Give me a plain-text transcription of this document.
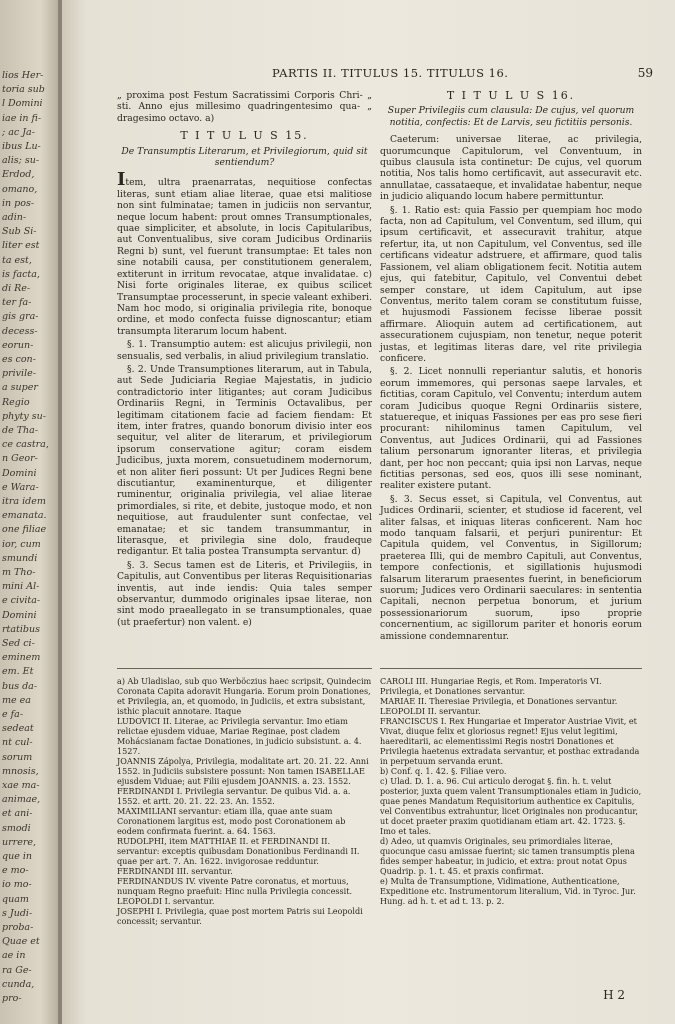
lios Her-
toria sub
l Domini
iae in fi-
; ac Ja-
ibus Lu-
alis; su-
Erdod,
omano,
in pos-
adin-
Sub Si-
liter est
ta est,
is facta,
di Re-
ter fa-
gis gra-
decess-
eorun-
es con-
privile-
a super
Regio
phyty su-
de Tha-
ce castra,
n Geor-
Domini
e Wara-
itra idem
emanata.
one filiae
ior, cum
smundi
m Tho-
mini Al-
e civita-
Domini
rtatibus
Sed ci-
eminem
em. Et
bus da-
me ea
e fa-
sedeat
nt cul-
sorum
mnosis,
xae ma-
animae,
et ani-
smodi
urrere,
que in
e mo-
io mo-
quam
s Judi-
proba-
Quae et
ae in
ra Ge-
cunda,
pro-
PARTIS II. TITULUS 15. TITULUS 16.	59

„ proxima post Festum Sacratissimi Corporis Chri- „ sti. Anno ejus millesimo quadringentesimo qua- „ dragesimo octavo. a)

T I T U L U S 15.
De Transumptis Literarum, et Privilegiorum, quid sit sentiendum?

Item, ultra praenarratas, nequitiose confectas literas, sunt etiam aliae literae, quae etsi malitiose non sint fulminatae; tamen in judiciis non servantur, neque locum habent: prout omnes Transumptionales, quae simpliciter, et absolute, in locis Capitularibus, aut Conventualibus, sive coram Judicibus Ordinariis Regni b) sunt, vel fuerunt transumptae: Et tales non sine notabili causa, per constitutionem generalem, extiterunt in irritum revocatae, atque invalidatae. c) Nisi forte originales literae, ex quibus scilicet Transumptae processerunt, in specie valeant exhiberi. Nam hoc modo, si originalia privilegia rite, bonoque ordine, et modo confecta fuisse dignoscantur; etiam transumpta literarum locum habent.

§. 1. Transumptio autem: est alicujus privilegii, non sensualis, sed verbalis, in aliud privilegium translatio.

§. 2. Unde Transumptiones literarum, aut in Tabula, aut Sede Judiciaria Regiae Majestatis, in judicio contradictorio inter litigantes; aut coram Judicibus Ordinariis Regni, in Terminis Octavalibus, per legitimam citationem facie ad faciem fiendam: Et item, inter fratres, quando bonorum divisio inter eos sequitur, vel aliter de literarum, et privilegiorum ipsorum conservatione agitur; coram eisdem Judicibus, juxta morem, consuetudinem modernorum, et non aliter fieri possunt: Ut per Judices Regni bene discutiantur, examinenturque, et diligenter ruminentur, originalia privilegia, vel aliae literae primordiales, si rite, et debite, justoque modo, et non nequitiose, aut fraudulenter sunt confectae, vel emanatae; et sic tandem transummantur, in literasque, et privilegia sine dolo, fraudeque redigantur. Et talia postea Transumpta servantur. d)

§. 3. Secus tamen est de Literis, et Privilegiis, in Capitulis, aut Conventibus per literas Requisitionarias inventis, aut inde iendis: Quia tales semper observantur, dummodo originales ipsae literae, non sint modo praeallegato in se transumptionales, quae (ut praefertur) non valent. e)

T I T U L U S 16.
Super Privilegiis cum clausula: De cujus, vel quorum notitia, confectis: Et de Larvis, seu fictitiis personis.

Caeterum: universae literae, ac privilegia, quorumcunque Capitulorum, vel Conventuum, in quibus clausula ista continetur: De cujus, vel quorum notitia, Nos talis homo certificavit, aut assecuravit etc. annullatae, cassataeque, et invalidatae habentur, neque in judicio aliquando locum habere permittuntur.

§. 1. Ratio est: quia Fassio per quempiam hoc modo facta, non ad Capitulum, vel Conventum, sed illum, qui ipsum certificavit, et assecuravit trahitur, atque refertur, ita, ut non Capitulum, vel Conventus, sed ille certificans videatur adstruere, et affirmare, quod talis Fassionem, vel aliam obligationem fecit. Notitia autem ejus, qui fatebitur, Capitulo, vel Conventui debet semper constare, ut idem Capitulum, aut ipse Conventus, merito talem coram se constitutum fuisse, et hujusmodi Fassionem fecisse liberae possit affirmare. Alioquin autem ad certificationem, aut assecurationem cujuspiam, non tenetur, neque poterit justas, et legitimas literas dare, vel rite privilegia conficere.

§. 2. Licet nonnulli reperiantur salutis, et honoris eorum immemores, qui personas saepe larvales, et fictitias, coram Capitulo, vel Conventu; interdum autem coram Judicibus quoque Regni Ordinariis sistere, statuereque, et iniquas Fassiones per eas pro sese fieri procurant: nihilominus tamen Capitulum, vel Conventus, aut Judices Ordinarii, qui ad Fassiones talium personarum ignoranter literas, et privilegia dant, per hoc non peccant; quia ipsi non Larvas, neque fictitias personas, sed eos, quos illi sese nominant, realiter existere putant.

§. 3. Secus esset, si Capitula, vel Conventus, aut Judices Ordinarii, scienter, et studiose id facerent, vel aliter falsas, et iniquas literas conficerent. Nam hoc modo tanquam falsarii, et perjuri punirentur: Et Capitula quidem, vel Conventus, in Sigillorum; praeterea Illi, qui de membro Capituli, aut Conventus, tempore confectionis, et sigillationis hujusmodi falsarum literarum praesentes fuerint, in beneficiorum suorum; Judices vero Ordinarii saeculares: in sententia Capitali, necnon perpetua bonorum, et jurium possessionariorum suorum, ipso proprie concernentium, ac sigillorum pariter et honoris eorum amissione condemnarentur.

a) Ab Uladislao, sub quo Werböczius haec scripsit, Quindecim Coronata Capita adoravit Hungaria. Eorum proin Donationes, et Privilegia, an, et quomodo, in Judiciis, et extra subsistant, isthic placuit annotare. Itaque
LUDOVICI II. Literae, ac Privilegia servantur. Imo etiam relictae ejusdem viduae, Mariae Reginae, post cladem Mohácsianam factae Donationes, in judicio subsistunt. a. 4. 1527.
JOANNIS Zápolya, Privilegia, modalitate art. 20. 21. 22. Anni 1552. in Judiciis subsistere possunt: Non tamen ISABELLAE ejusdem Viduae; aut Filii ejusdem JOANNIS. a. 23. 1552.
FERDINANDI I. Privilegia servantur. De quibus Vid. a. a. 1552. et artt. 20. 21. 22. 23. An. 1552.
MAXIMILIANI servantur: etiam illa, quae ante suam Coronationem largitus est, modo post Coronationem ab eodem confirmata fuerint. a. 64. 1563.
RUDOLPHI, item MATTHIAE II. et FERDINANDI II. servantur: exceptis quibusdam Donationibus Ferdinandi II. quae per art. 7. An. 1622. invigorosae redduntur.
FERDINANDI III. servantur.
FERDINANDUS IV. vivente Patre coronatus, et mortuus, nunquam Regno praefuit: Hinc nulla Privilegia concessit.
LEOPOLDI I. servantur.
JOSEPHI I. Privilegia, quae post mortem Patris sui Leopoldi concessit; servantur.
CAROLI III. Hungariae Regis, et Rom. Imperatoris VI. Privilegia, et Donationes servantur.
MARIAE II. Theresiae Privilegia, et Donationes servantur.
LEOPOLDI II. servantur.
FRANCISCUS I. Rex Hungariae et Imperator Austriae Vivit, et Vivat, diuque felix et gloriosus regnet! Ejus velut legitimi, haereditarii, ac elementissimi Regis nostri Donationes et Privilegia haetenus extradata servantur, et posthac extradanda in perpetuum servanda erunt.
b) Conf. q. 1. 42. §. Filiae vero.
c) Ulad. D. 1. a. 96. Cui articulo derogat §. fin. h. t. velut posterior, juxta quem valent Transumptionales etiam in Judicio, quae penes Mandatum Requisitorium authentice ex Capitulis, vel Conventibus extrahuntur, licet Originales non producantur, ut docet praeter praxim quotidianam etiam art. 42. 1723. §. Imo et tales.
d) Adeo, ut quamvis Originales, seu primordiales literae, quocunque casu amissae fuerint; sic tamen transumptis plena fides semper habeatur, in judicio, et extra: prout notat Opus Quadrip. p. 1. t. 45. et praxis confirmat.
e) Multa de Transumptione, Vidimatione, Authenticatione, Expeditione etc. Instrumentorum literalium, Vid. in Tyroc. Jur. Hung. ad h. t. et ad t. 13. p. 2.
H 2
